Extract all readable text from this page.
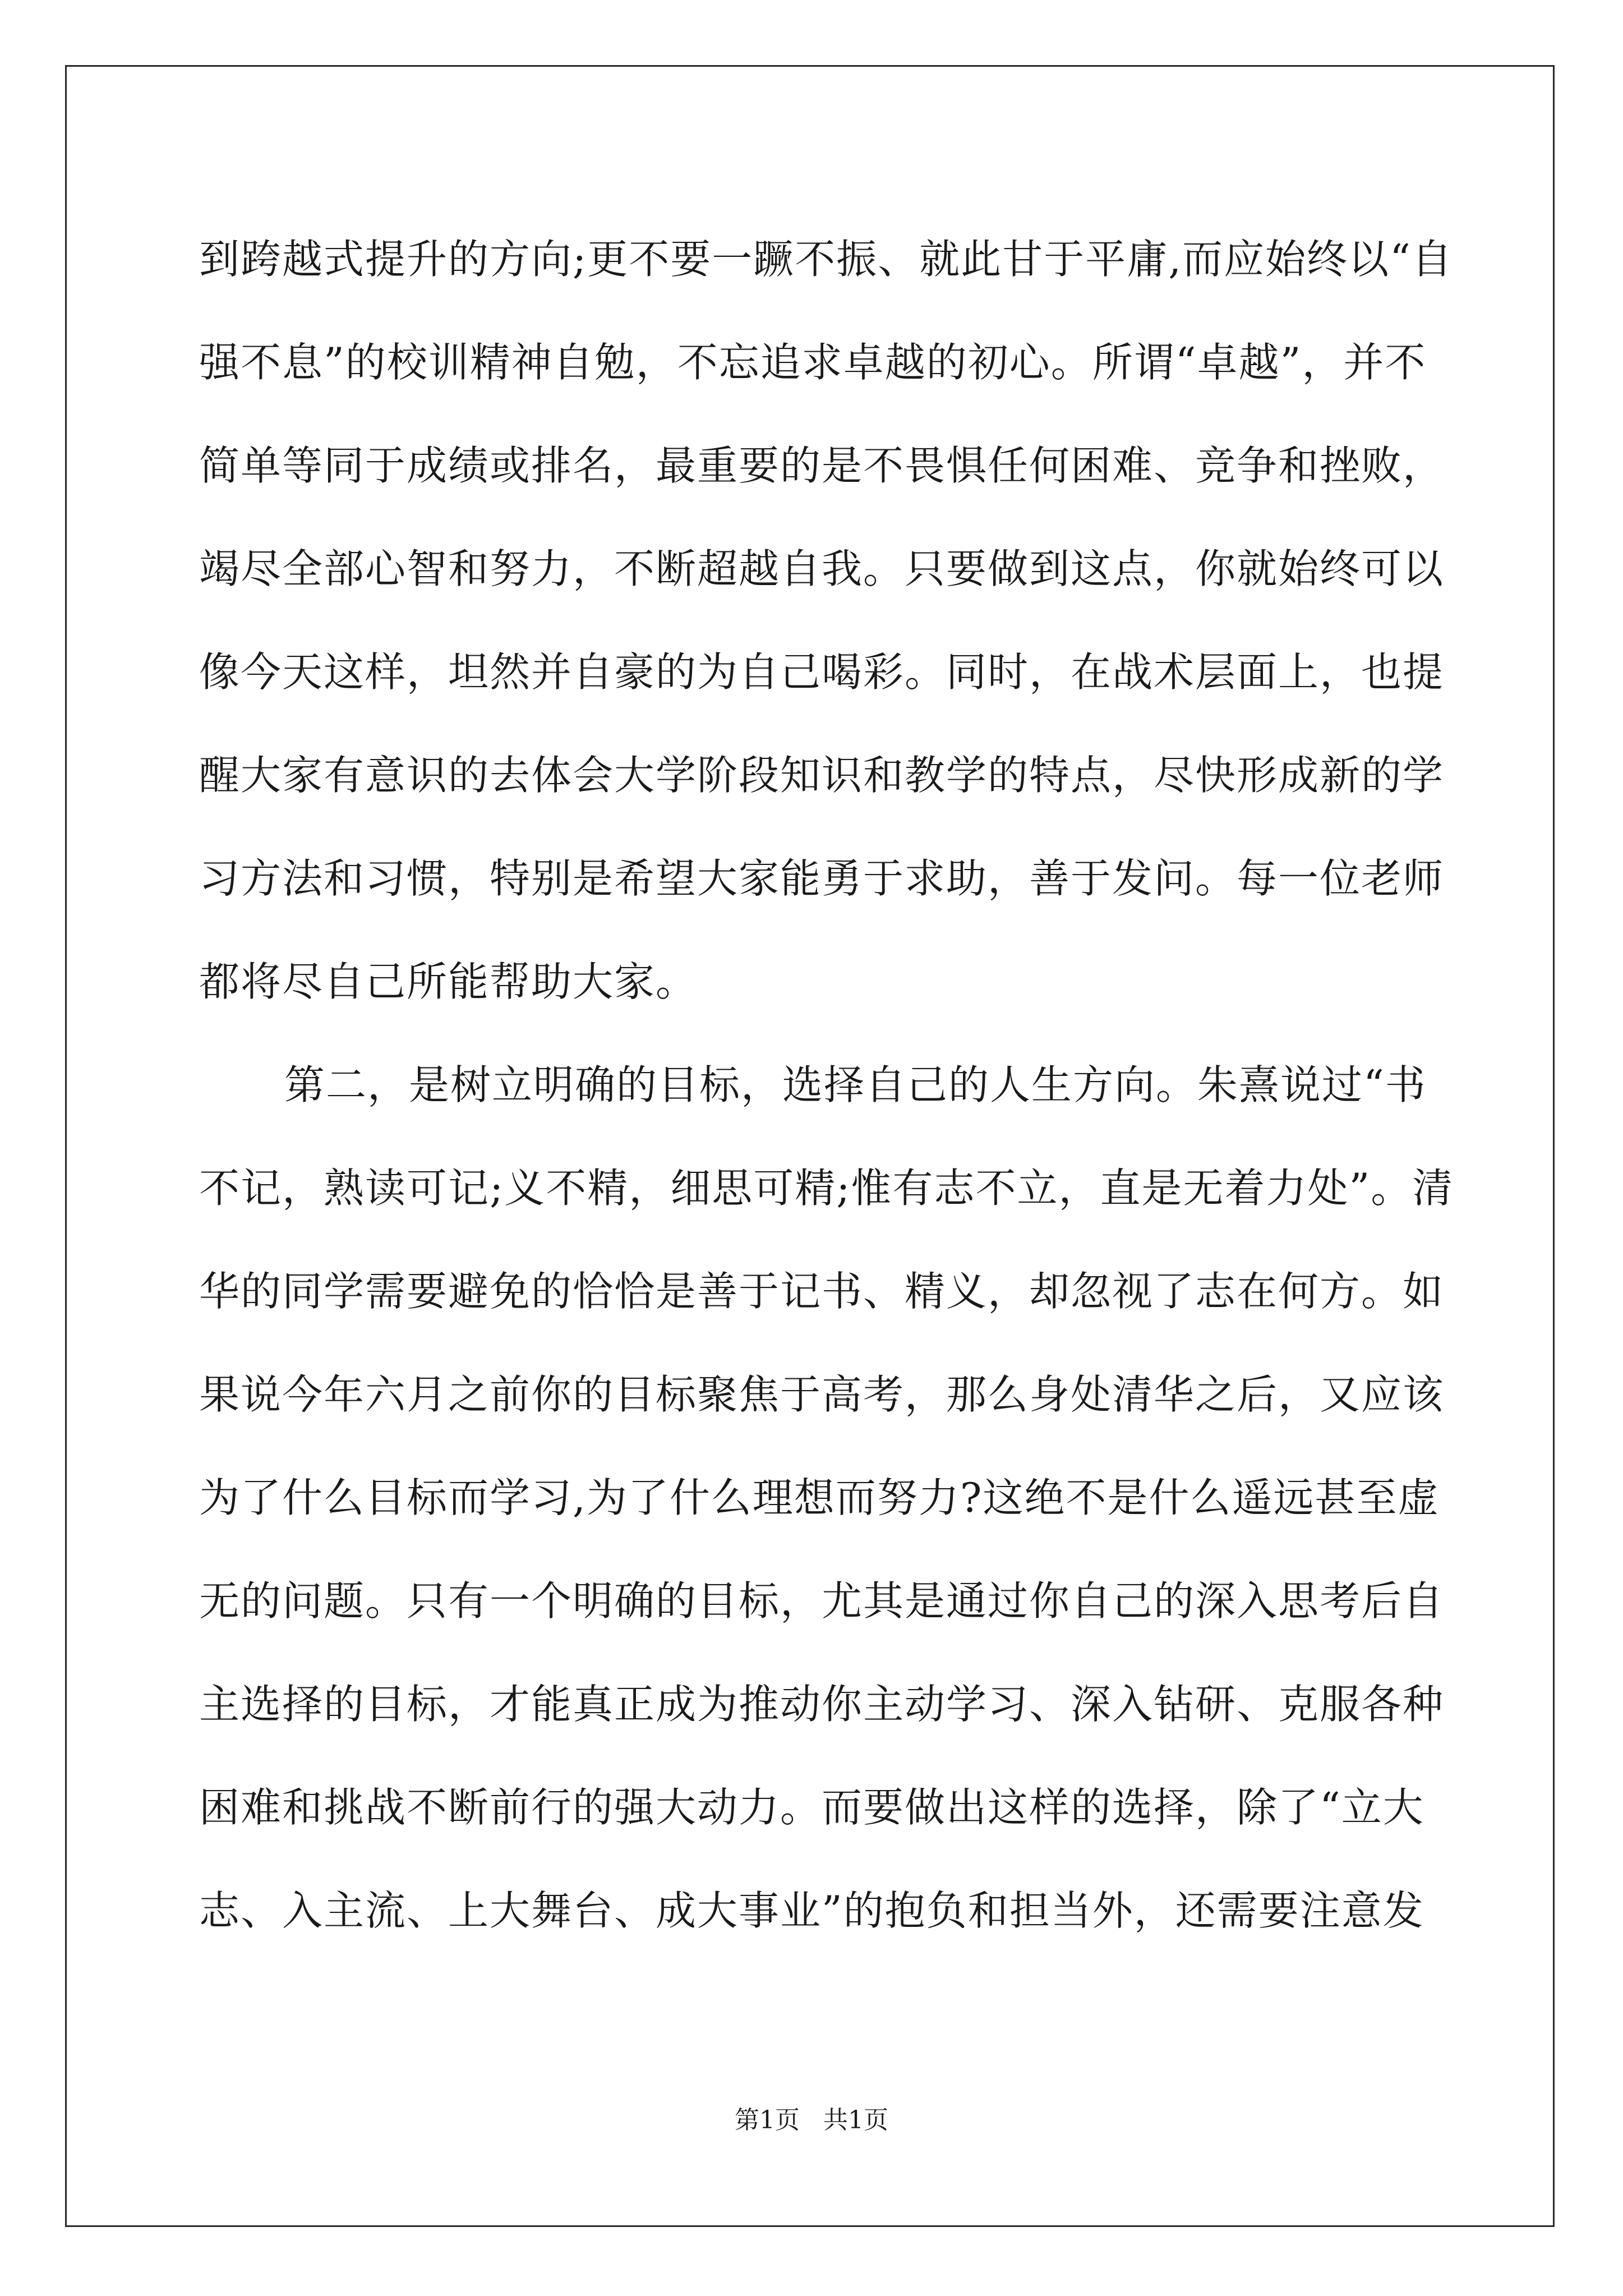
到跨越式提升的方向;更不要一蹶不振、就此甘于平庸,而应始终以“自
强不息”的校训精神自勉，不忘追求卓越的初心。所谓“卓越”，并不
简单等同于成绩或排名，最重要的是不畏惧任何困难、竞争和挫败，
竭尽全部心智和努力，不断超越自我。只要做到这点，你就始终可以
像今天这样，坦然并自豪的为自己喝彩。同时，在战术层面上，也提
醒大家有意识的去体会大学阶段知识和教学的特点，尽快形成新的学
习方法和习惯，特别是希望大家能勇于求助，善于发问。每一位老师
都将尽自己所能帮助大家。
第二，是树立明确的目标，选择自己的人生方向。朱熹说过“书
不记，熟读可记;义不精，细思可精;惟有志不立，直是无着力处”。清
华的同学需要避免的恰恰是善于记书、精义，却忽视了志在何方。如
果说今年六月之前你的目标聚焦于高考，那么身处清华之后，又应该
为了什么目标而学习,为了什么理想而努力?这绝不是什么遥远甚至虚
无的问题。只有一个明确的目标，尤其是通过你自己的深入思考后自
主选择的目标，才能真正成为推动你主动学习、深入钻研、克服各种
困难和挑战不断前行的强大动力。而要做出这样的选择，除了“立大
志、入主流、上大舞台、成大事业”的抱负和担当外，还需要注意发
第1页 共1页
